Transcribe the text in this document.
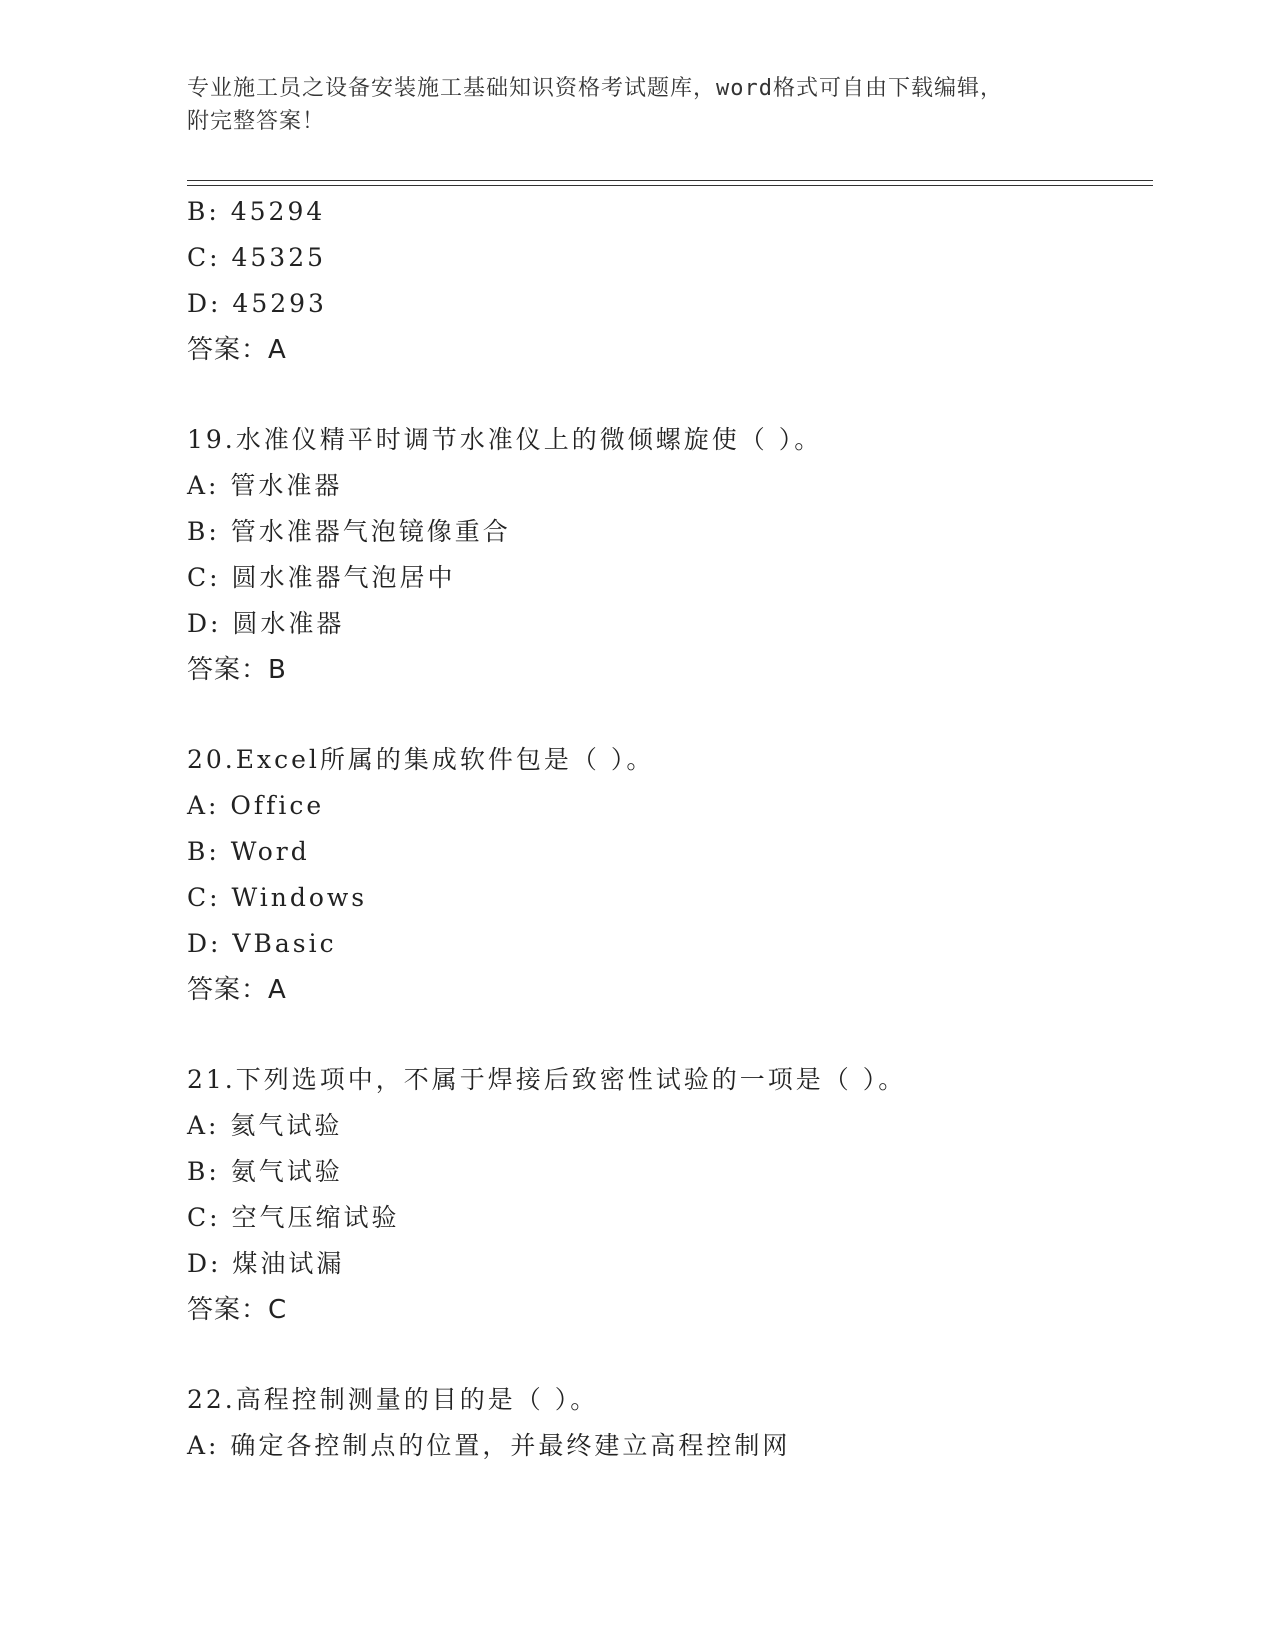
专业施工员之设备安装施工基础知识资格考试题库，word格式可自由下载编辑，
附完整答案！
B: 45294
C: 45325
D: 45293
答案：A
19.水准仪精平时调节水准仪上的微倾螺旋使（ ）。
A: 管水准器
B: 管水准器气泡镜像重合
C: 圆水准器气泡居中
D: 圆水准器
答案：B
20.Excel所属的集成软件包是（ ）。
A: Office
B: Word
C: Windows
D: VBasic
答案：A
21.下列选项中，不属于焊接后致密性试验的一项是（ ）。
A: 氦气试验
B: 氨气试验
C: 空气压缩试验
D: 煤油试漏
答案：C
22.高程控制测量的目的是（ ）。
A: 确定各控制点的位置，并最终建立高程控制网
